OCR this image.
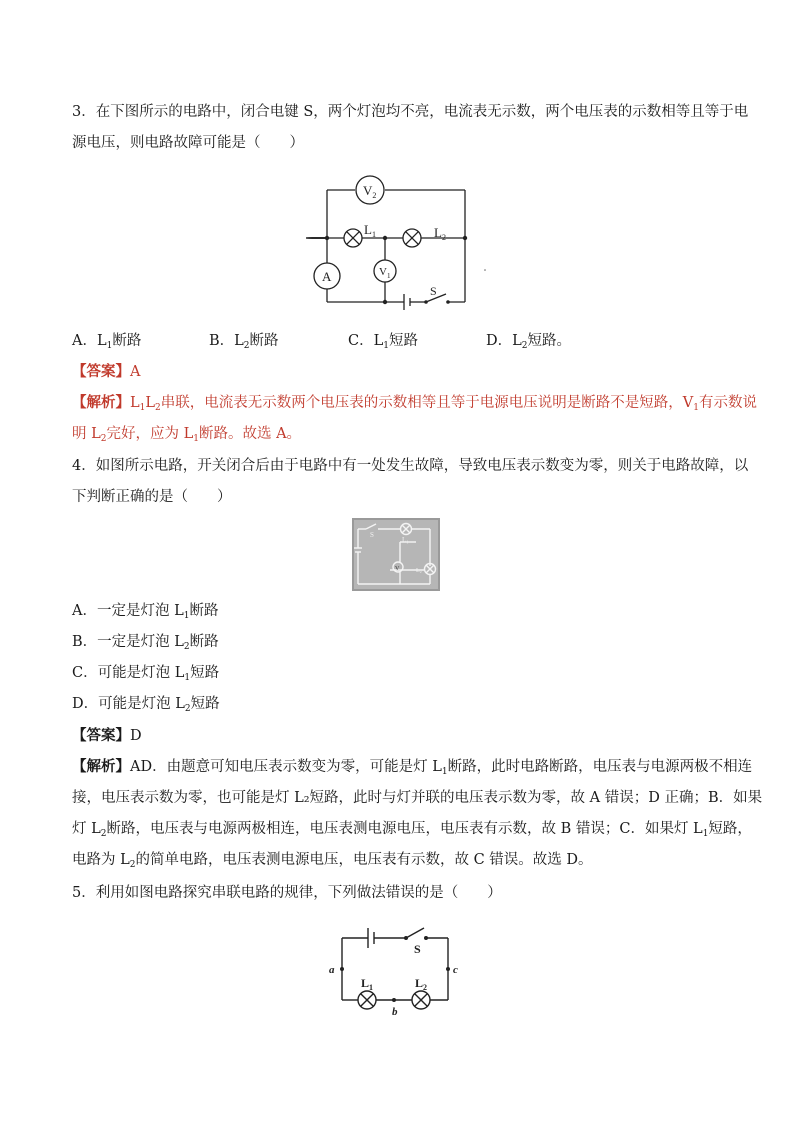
3．在下图所示的电路中，闭合电键 S，两个灯泡均不亮，电流表无示数，两个电压表的示数相等且等于电
源电压，则电路故障可能是（　　）
$V_2$
$L_1$	$L_2$
A	$V_1$
S
A．$L_1$断路	B．$L_2$断路	C．$L_1$短路	D．$L_2$短路。
【答案】A
【解析】$L_1L_2$串联，电流表无示数两个电压表的示数相等且等于电源电压说明是断路不是短路，$V_1$有示数说
明 $L_2$完好，应为 $L_1$断路。故选 A。
4．如图所示电路，开关闭合后由于电路中有一处发生故障，导致电压表示数变为零，则关于电路故障，以
下判断正确的是（　　）
S
L₁
V	L₂
A．一定是灯泡 $L_1$断路
B．一定是灯泡 $L_2$断路
C．可能是灯泡 $L_1$短路
D．可能是灯泡 $L_2$短路
【答案】D
【解析】AD．由题意可知电压表示数变为零，可能是灯 $L_1$断路，此时电路断路，电压表与电源两极不相连
接，电压表示数为零，也可能是灯 L₂短路，此时与灯并联的电压表示数为零，故 A 错误；D 正确；B．如果
灯 $L_2$断路，电压表与电源两极相连，电压表测电源电压，电压表有示数，故 B 错误；C．如果灯 $L_1$短路，
电路为 $L_2$的简单电路，电压表测电源电压，电压表有示数，故 C 错误。故选 D。
5．利用如图电路探究串联电路的规律，下列做法错误的是（　　）
S
$L_1$	$L_2$
a	c
b
